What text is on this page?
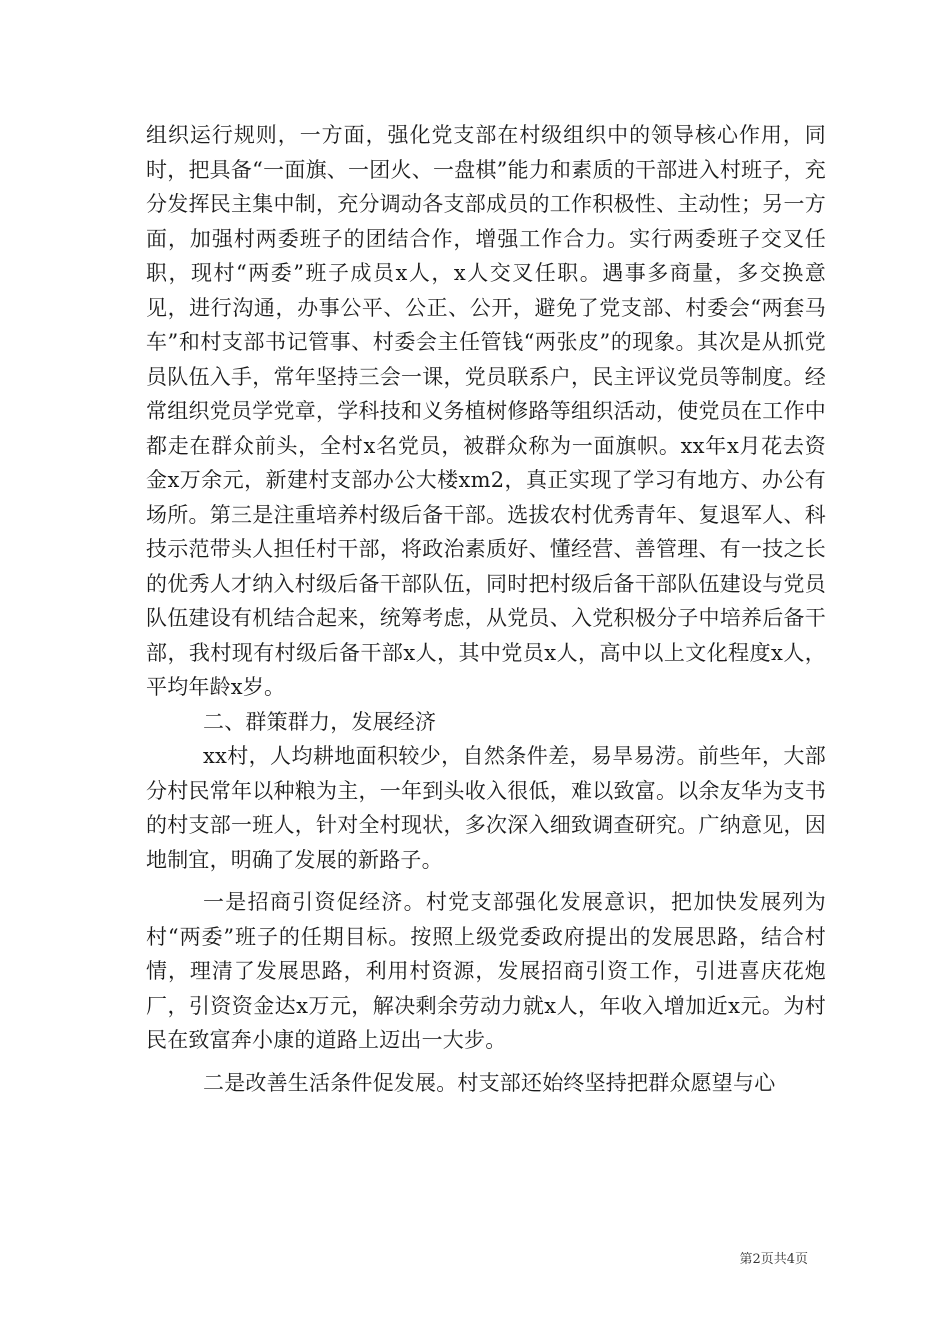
组织运行规则，一方面，强化党支部在村级组织中的领导核心作用，同时，把具备“一面旗、一团火、一盘棋”能力和素质的干部进入村班子，充分发挥民主集中制，充分调动各支部成员的工作积极性、主动性；另一方面，加强村两委班子的团结合作，增强工作合力。实行两委班子交叉任职，现村“两委”班子成员x人，x人交叉任职。遇事多商量，多交换意见，进行沟通，办事公平、公正、公开，避免了党支部、村委会“两套马车”和村支部书记管事、村委会主任管钱“两张皮”的现象。其次是从抓党员队伍入手，常年坚持三会一课，党员联系户，民主评议党员等制度。经常组织党员学党章，学科技和义务植树修路等组织活动，使党员在工作中都走在群众前头，全村x名党员，被群众称为一面旗帜。xx年x月花去资金x万余元，新建村支部办公大楼xm2，真正实现了学习有地方、办公有场所。第三是注重培养村级后备干部。选拔农村优秀青年、复退军人、科技示范带头人担任村干部，将政治素质好、懂经营、善管理、有一技之长的优秀人才纳入村级后备干部队伍，同时把村级后备干部队伍建设与党员队伍建设有机结合起来，统筹考虑，从党员、入党积极分子中培养后备干部，我村现有村级后备干部x人，其中党员x人，高中以上文化程度x人，平均年龄x岁。

二、群策群力，发展经济

xx村，人均耕地面积较少，自然条件差，易旱易涝。前些年，大部分村民常年以种粮为主，一年到头收入很低，难以致富。以余友华为支书的村支部一班人，针对全村现状，多次深入细致调查研究。广纳意见，因地制宜，明确了发展的新路子。

一是招商引资促经济。村党支部强化发展意识，把加快发展列为村“两委”班子的任期目标。按照上级党委政府提出的发展思路，结合村情，理清了发展思路，利用村资源，发展招商引资工作，引进喜庆花炮厂，引资资金达x万元，解决剩余劳动力就x人，年收入增加近x元。为村民在致富奔小康的道路上迈出一大步。

二是改善生活条件促发展。村支部还始终坚持把群众愿望与心

第2页共4页
